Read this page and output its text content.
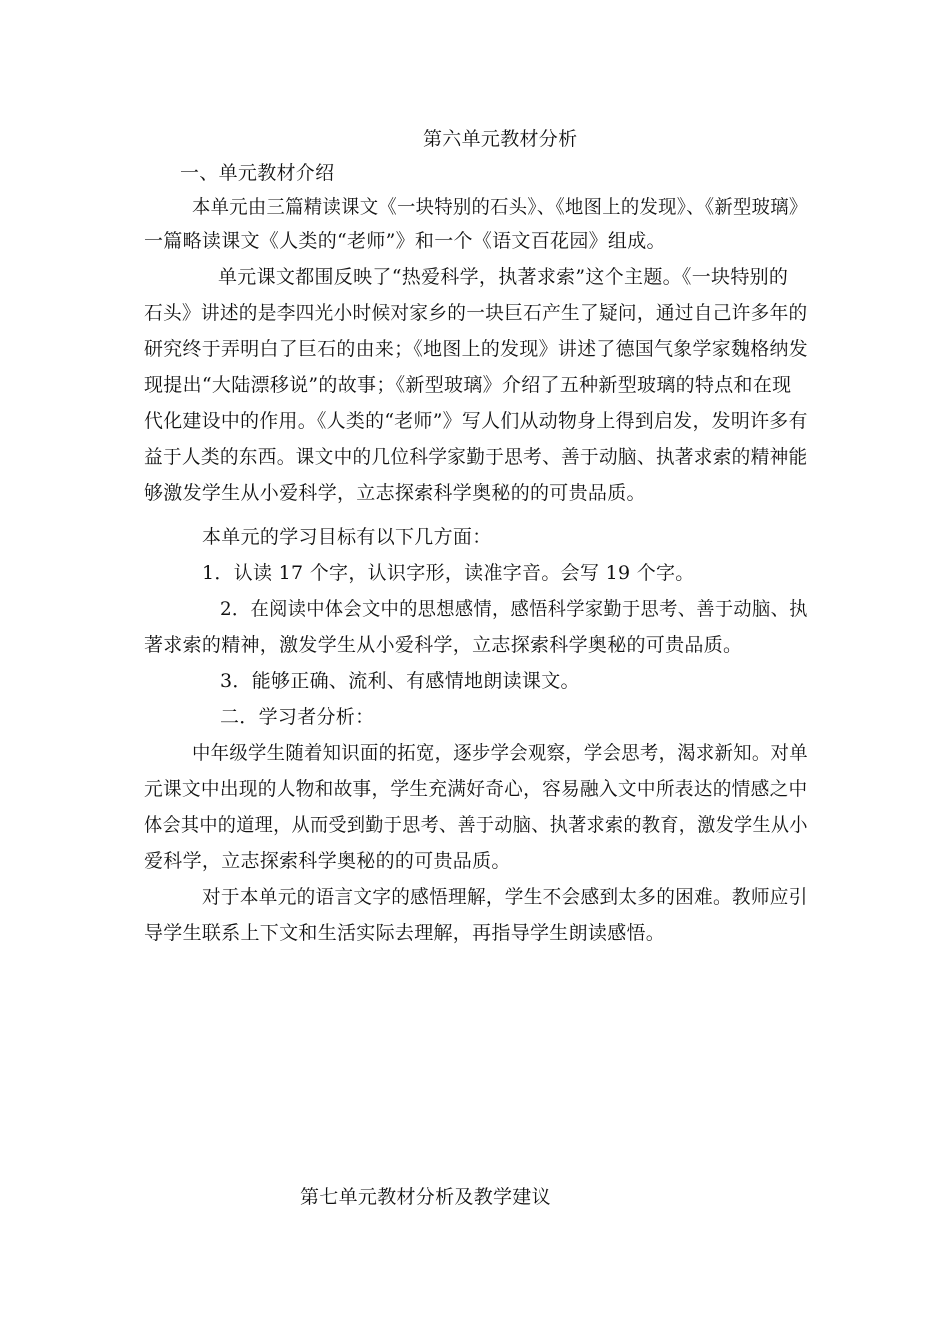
第六单元教材分析

一、单元教材介绍

本单元由三篇精读课文《一块特别的石头》、《地图上的发现》、《新型玻璃》

一篇略读课文《人类的“老师”》和一个《语文百花园》组成。

单元课文都围反映了“热爱科学，执著求索”这个主题。《一块特别的

石头》讲述的是李四光小时候对家乡的一块巨石产生了疑问，通过自己许多年的

研究终于弄明白了巨石的由来；《地图上的发现》讲述了德国气象学家魏格纳发

现提出“大陆漂移说”的故事；《新型玻璃》介绍了五种新型玻璃的特点和在现

代化建设中的作用。《人类的“老师”》写人们从动物身上得到启发，发明许多有

益于人类的东西。课文中的几位科学家勤于思考、善于动脑、执著求索的精神能

够激发学生从小爱科学，立志探索科学奥秘的的可贵品质。

本单元的学习目标有以下几方面：

1．认读 17 个字，认识字形，读准字音。会写 19 个字。

2．在阅读中体会文中的思想感情，感悟科学家勤于思考、善于动脑、执

著求索的精神，激发学生从小爱科学，立志探索科学奥秘的可贵品质。

3．能够正确、流利、有感情地朗读课文。

二．学习者分析：

中年级学生随着知识面的拓宽，逐步学会观察，学会思考，渴求新知。对单

元课文中出现的人物和故事，学生充满好奇心，容易融入文中所表达的情感之中

体会其中的道理，从而受到勤于思考、善于动脑、执著求索的教育，激发学生从小

爱科学，立志探索科学奥秘的的可贵品质。

对于本单元的语言文字的感悟理解，学生不会感到太多的困难。教师应引

导学生联系上下文和生活实际去理解，再指导学生朗读感悟。

第七单元教材分析及教学建议
